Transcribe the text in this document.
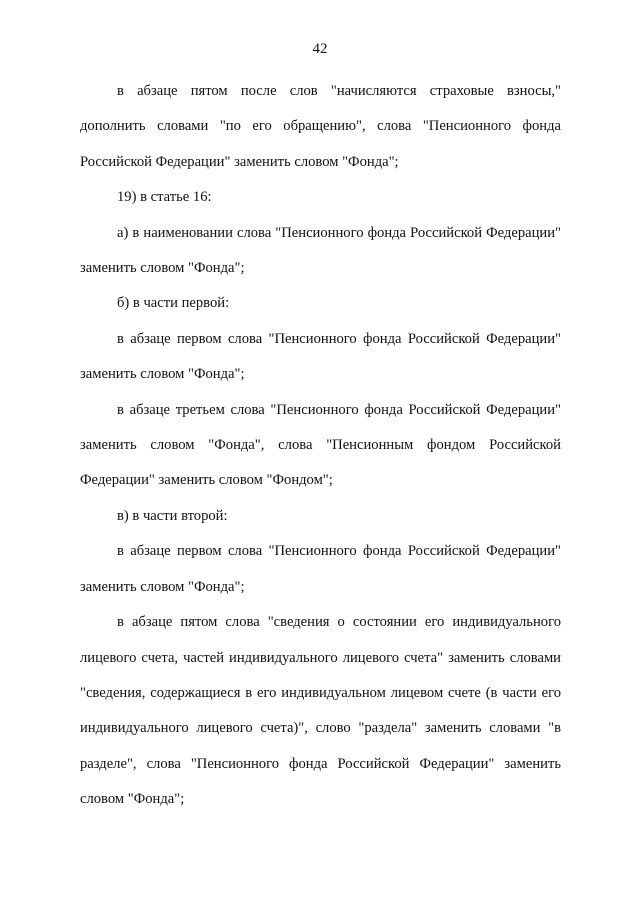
42

в абзаце пятом после слов "начисляются страховые взносы," дополнить словами "по его обращению", слова "Пенсионного фонда Российской Федерации" заменить словом "Фонда";

19) в статье 16:

а) в наименовании слова "Пенсионного фонда Российской Федерации" заменить словом "Фонда";

б) в части первой:

в абзаце первом слова "Пенсионного фонда Российской Федерации" заменить словом "Фонда";

в абзаце третьем слова "Пенсионного фонда Российской Федерации" заменить словом "Фонда", слова "Пенсионным фондом Российской Федерации" заменить словом "Фондом";

в) в части второй:

в абзаце первом слова "Пенсионного фонда Российской Федерации" заменить словом "Фонда";

в абзаце пятом слова "сведения о состоянии его индивидуального лицевого счета, частей индивидуального лицевого счета" заменить словами "сведения, содержащиеся в его индивидуальном лицевом счете (в части его индивидуального лицевого счета)", слово "раздела" заменить словами "в разделе", слова "Пенсионного фонда Российской Федерации" заменить словом "Фонда";
